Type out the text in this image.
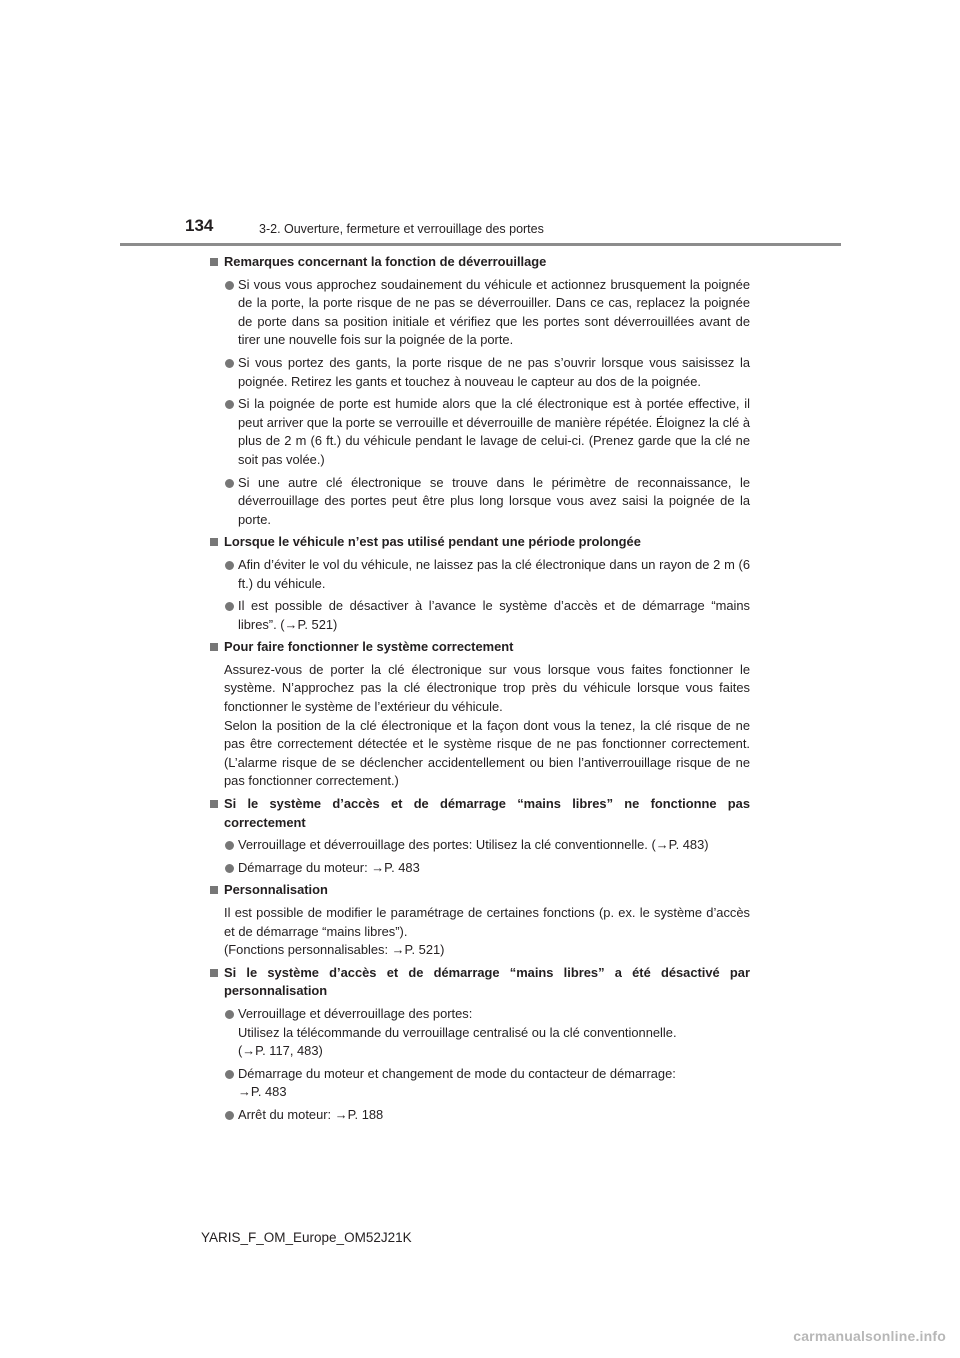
134	3-2. Ouverture, fermeture et verrouillage des portes
Remarques concernant la fonction de déverrouillage
Si vous vous approchez soudainement du véhicule et actionnez brusquement la poignée de la porte, la porte risque de ne pas se déverrouiller. Dans ce cas, replacez la poignée de porte dans sa position initiale et vérifiez que les portes sont déverrouillées avant de tirer une nouvelle fois sur la poignée de la porte.
Si vous portez des gants, la porte risque de ne pas s’ouvrir lorsque vous saisissez la poignée. Retirez les gants et touchez à nouveau le capteur au dos de la poignée.
Si la poignée de porte est humide alors que la clé électronique est à portée effective, il peut arriver que la porte se verrouille et déverrouille de manière répétée. Éloignez la clé à plus de 2 m (6 ft.) du véhicule pendant le lavage de celui-ci. (Prenez garde que la clé ne soit pas volée.)
Si une autre clé électronique se trouve dans le périmètre de reconnaissance, le déverrouillage des portes peut être plus long lorsque vous avez saisi la poignée de la porte.
Lorsque le véhicule n’est pas utilisé pendant une période prolongée
Afin d’éviter le vol du véhicule, ne laissez pas la clé électronique dans un rayon de 2 m (6 ft.) du véhicule.
Il est possible de désactiver à l’avance le système d’accès et de démarrage “mains libres”. (→P. 521)
Pour faire fonctionner le système correctement
Assurez-vous de porter la clé électronique sur vous lorsque vous faites fonctionner le système. N’approchez pas la clé électronique trop près du véhicule lorsque vous faites fonctionner le système de l’extérieur du véhicule.
Selon la position de la clé électronique et la façon dont vous la tenez, la clé risque de ne pas être correctement détectée et le système risque de ne pas fonctionner correctement. (L’alarme risque de se déclencher accidentellement ou bien l’antiverrouillage risque de ne pas fonctionner correctement.)
Si le système d’accès et de démarrage “mains libres” ne fonctionne pas correctement
Verrouillage et déverrouillage des portes: Utilisez la clé conventionnelle. (→P. 483)
Démarrage du moteur: →P. 483
Personnalisation
Il est possible de modifier le paramétrage de certaines fonctions (p. ex. le système d’accès et de démarrage “mains libres”).
(Fonctions personnalisables: →P. 521)
Si le système d’accès et de démarrage “mains libres” a été désactivé par personnalisation
Verrouillage et déverrouillage des portes:
Utilisez la télécommande du verrouillage centralisé ou la clé conventionnelle.
(→P. 117, 483)
Démarrage du moteur et changement de mode du contacteur de démarrage:
→P. 483
Arrêt du moteur: →P. 188
YARIS_F_OM_Europe_OM52J21K
carmanualsonline.info
